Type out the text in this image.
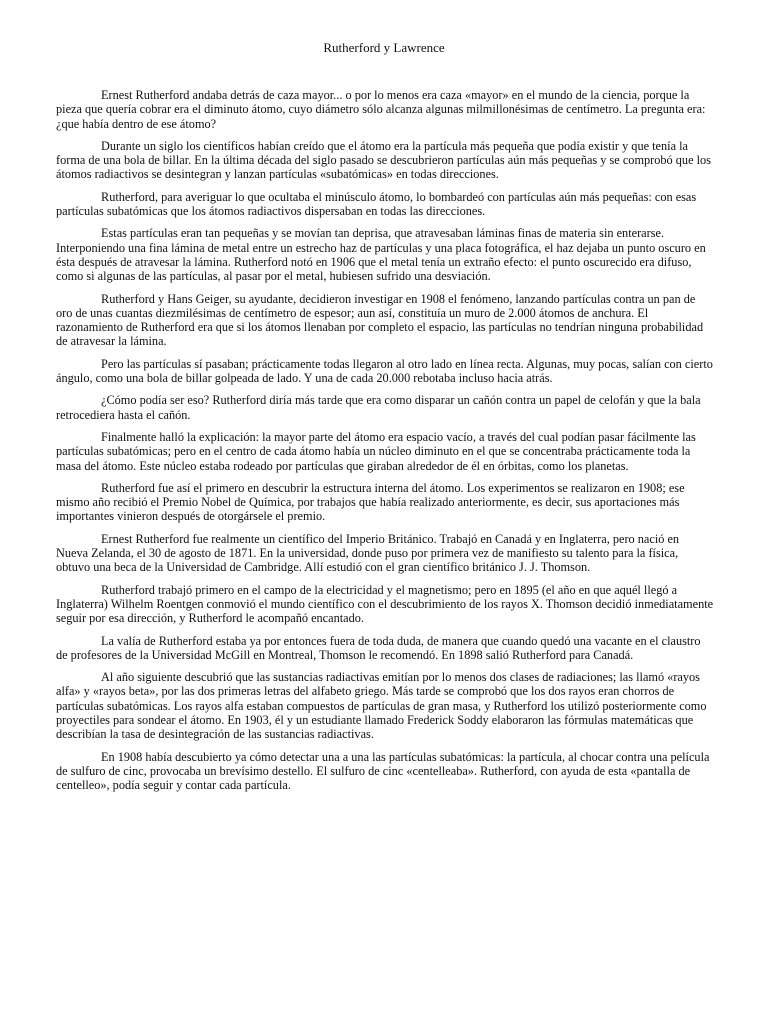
Rutherford y Lawrence

Ernest Rutherford andaba detrás de caza mayor... o por lo menos era caza «mayor» en el mundo de la ciencia, porque la pieza que quería cobrar era el diminuto átomo, cuyo diámetro sólo alcanza algunas milmillonésimas de centímetro. La pregunta era: ¿que había dentro de ese átomo?

Durante un siglo los científicos habían creído que el átomo era la partícula más pequeña que podía existir y que tenía la forma de una bola de billar. En la última década del siglo pasado se descubrieron partículas aún más pequeñas y se comprobó que los átomos radiactivos se desintegran y lanzan partículas «subatómicas» en todas direcciones.

Rutherford, para averiguar lo que ocultaba el minúsculo átomo, lo bombardeó con partículas aún más pequeñas: con esas partículas subatómicas que los átomos radiactivos dispersaban en todas las direcciones.

Estas partículas eran tan pequeñas y se movían tan deprisa, que atravesaban láminas finas de materia sin enterarse. Interponiendo una fina lámina de metal entre un estrecho haz de partículas y una placa fotográfica, el haz dejaba un punto oscuro en ésta después de atravesar la lámina. Rutherford notó en 1906 que el metal tenía un extraño efecto: el punto oscurecido era difuso, como si algunas de las partículas, al pasar por el metal, hubiesen sufrido una desviación.

Rutherford y Hans Geiger, su ayudante, decidieron investigar en 1908 el fenómeno, lanzando partículas contra un pan de oro de unas cuantas diezmilésimas de centímetro de espesor; aun así, constituía un muro de 2.000 átomos de anchura. El razonamiento de Rutherford era que si los átomos llenaban por completo el espacio, las partículas no tendrían ninguna probabilidad de atravesar la lámina.

Pero las partículas sí pasaban; prácticamente todas llegaron al otro lado en línea recta. Algunas, muy pocas, salían con cierto ángulo, como una bola de billar golpeada de lado. Y una de cada 20.000 rebotaba incluso hacia atrás.

¿Cómo podía ser eso? Rutherford diría más tarde que era como disparar un cañón contra un papel de celofán y que la bala retrocediera hasta el cañón.

Finalmente halló la explicación: la mayor parte del átomo era espacio vacío, a través del cual podían pasar fácilmente las partículas subatómicas; pero en el centro de cada átomo había un núcleo diminuto en el que se concentraba prácticamente toda la masa del átomo. Este núcleo estaba rodeado por partículas que giraban alrededor de él en órbitas, como los planetas.

Rutherford fue así el primero en descubrir la estructura interna del átomo. Los experimentos se realizaron en 1908; ese mismo año recibió el Premio Nobel de Química, por trabajos que había realizado anteriormente, es decir, sus aportaciones más importantes vinieron después de otorgársele el premio.

Ernest Rutherford fue realmente un científico del Imperio Británico. Trabajó en Canadá y en Inglaterra, pero nació en Nueva Zelanda, el 30 de agosto de 1871. En la universidad, donde puso por primera vez de manifiesto su talento para la física, obtuvo una beca de la Universidad de Cambridge. Allí estudió con el gran científico británico J. J. Thomson.

Rutherford trabajó primero en el campo de la electricidad y el magnetismo; pero en 1895 (el año en que aquél llegó a Inglaterra) Wilhelm Roentgen conmovió el mundo científico con el descubrimiento de los rayos X. Thomson decidió inmediatamente seguir por esa dirección, y Rutherford le acompañó encantado.

La valía de Rutherford estaba ya por entonces fuera de toda duda, de manera que cuando quedó una vacante en el claustro de profesores de la Universidad McGill en Montreal, Thomson le recomendó. En 1898 salió Rutherford para Canadá.

Al año siguiente descubrió que las sustancias radiactivas emitían por lo menos dos clases de radiaciones; las llamó «rayos alfa» y «rayos beta», por las dos primeras letras del alfabeto griego. Más tarde se comprobó que los dos rayos eran chorros de partículas subatómicas. Los rayos alfa estaban compuestos de partículas de gran masa, y Rutherford los utilizó posteriormente como proyectiles para sondear el átomo. En 1903, él y un estudiante llamado Frederick Soddy elaboraron las fórmulas matemáticas que describían la tasa de desintegración de las sustancias radiactivas.

En 1908 había descubierto ya cómo detectar una a una las partículas subatómicas: la partícula, al chocar contra una película de sulfuro de cinc, provocaba un brevísimo destello. El sulfuro de cinc «centelleaba». Rutherford, con ayuda de esta «pantalla de centelleo», podía seguir y contar cada partícula.
